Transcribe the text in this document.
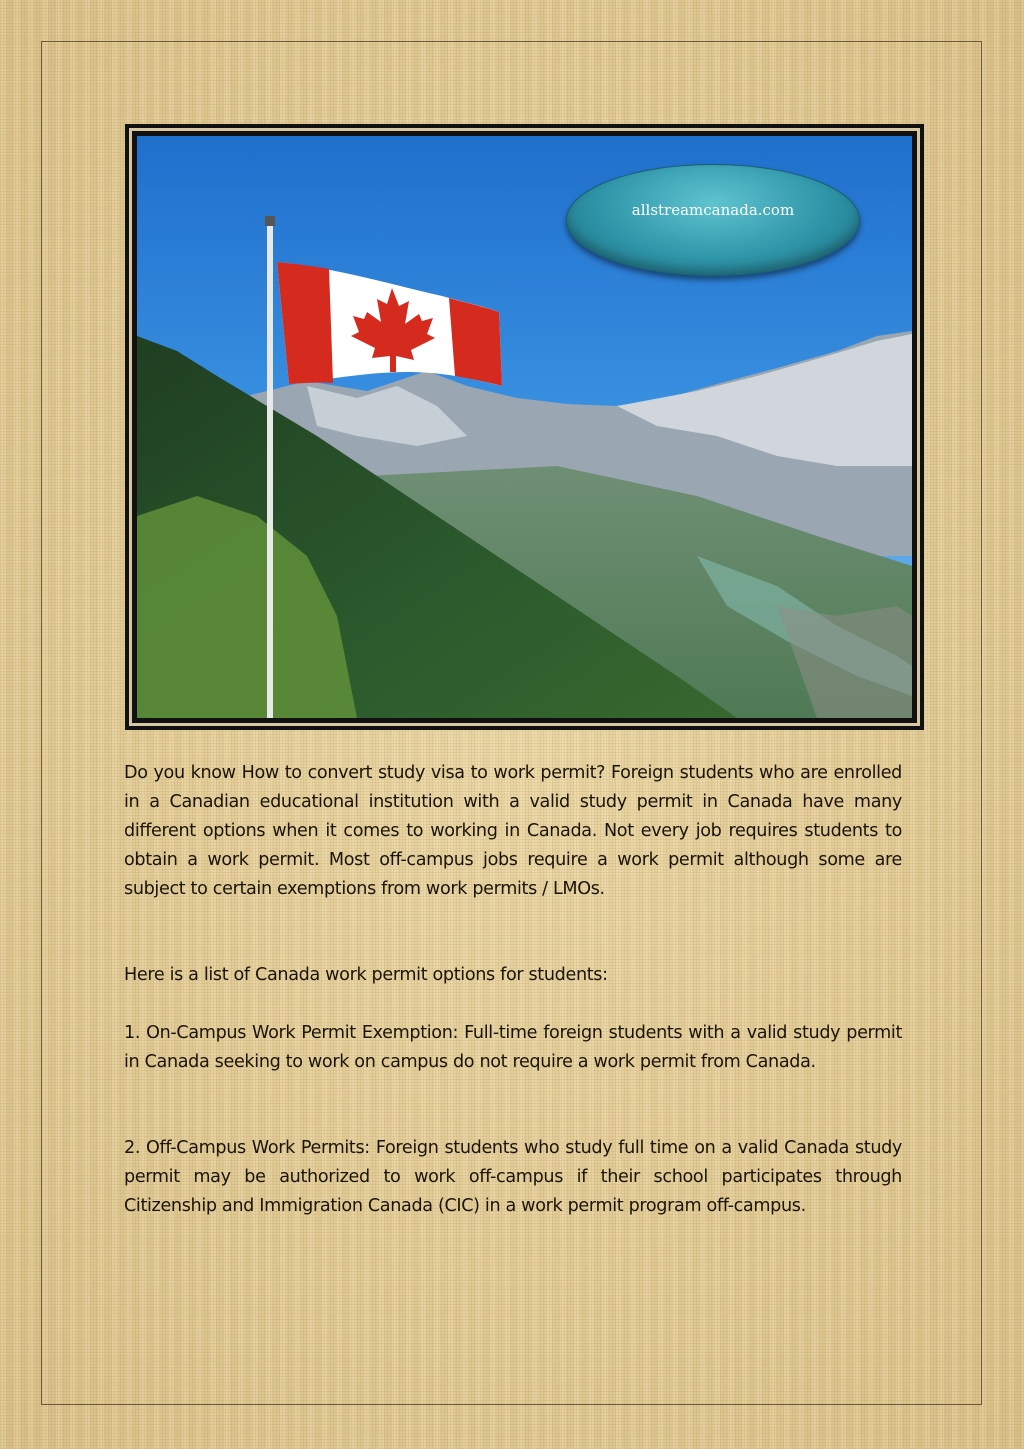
allstreamcanada.com

Do you know How to convert study visa to work permit? Foreign students who are enrolled in a Canadian educational institution with a valid study permit in Canada have many different options when it comes to working in Canada. Not every job requires students to obtain a work permit. Most off-campus jobs require a work permit although some are subject to certain exemptions from work permits / LMOs.

Here is a list of Canada work permit options for students:

1. On-Campus Work Permit Exemption: Full-time foreign students with a valid study permit in Canada seeking to work on campus do not require a work permit from Canada.

2. Off-Campus Work Permits: Foreign students who study full time on a valid Canada study permit may be authorized to work off-campus if their school participates through Citizenship and Immigration Canada (CIC) in a work permit program off-campus.
